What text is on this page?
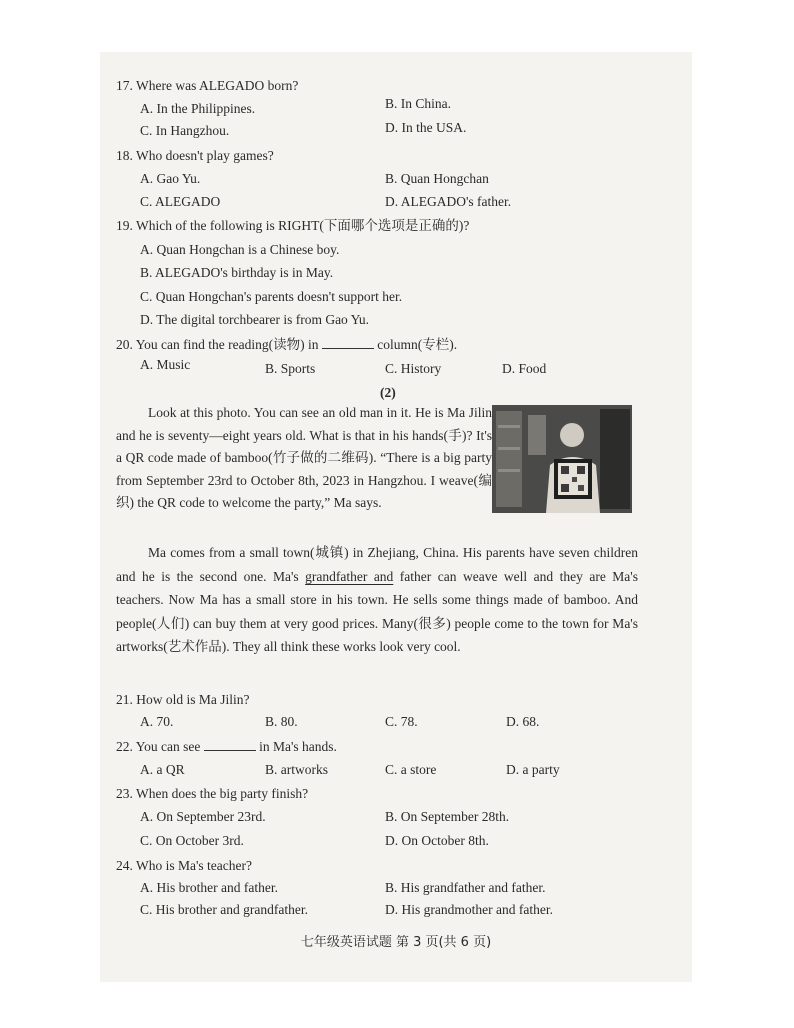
17. Where was ALEGADO born?
A. In the Philippines.	B. In China.
C. In Hangzhou.	D. In the USA.
18. Who doesn't play games?
A. Gao Yu.	B. Quan Hongchan
C. ALEGADO	D. ALEGADO's father.
19. Which of the following is RIGHT(下面哪个选项是正确的)?
A. Quan Hongchan is a Chinese boy.
B. ALEGADO's birthday is in May.
C. Quan Hongchan's parents doesn't support her.
D. The digital torchbearer is from Gao Yu.
20. You can find the reading(读物) in	column(专栏).
A. Music	B. Sports	C. History	D. Food
(2)
Look at this photo. You can see an old man in it. He is Ma Jilin and he is seventy—eight years old. What is that in his hands(手)? It's a QR code made of bamboo(竹子做的二维码). “There is a big party from September 23rd to October 8th, 2023 in Hangzhou. I weave(编织) the QR code to welcome the party,” Ma says.
Ma comes from a small town(城镇) in Zhejiang, China. His parents have seven children and he is the second one. Ma's grandfather and father can weave well and they are Ma's teachers. Now Ma has a small store in his town. He sells some things made of bamboo. And people(人们) can buy them at very good prices. Many(很多) people come to the town for Ma's artworks(艺术作品). They all think these works look very cool.
21. How old is Ma Jilin?
A. 70.	B. 80.	C. 78.	D. 68.
22. You can see	in Ma's hands.
A. a QR	B. artworks	C. a store	D. a party
23. When does the big party finish?
A. On September 23rd.	B. On September 28th.
C. On October 3rd.	D. On October 8th.
24. Who is Ma's teacher?
A. His brother and father.	B. His grandfather and father.
C. His brother and grandfather.	D. His grandmother and father.
七年级英语试题 第 3 页(共 6 页)
